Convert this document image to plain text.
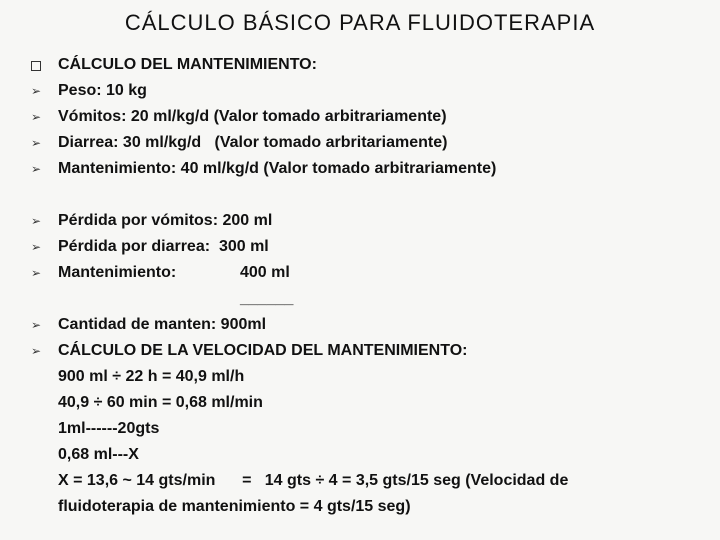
CÁLCULO BÁSICO PARA FLUIDOTERAPIA
CÁLCULO DEL MANTENIMIENTO:
➢ Peso: 10 kg
➢ Vómitos: 20 ml/kg/d (Valor tomado arbitrariamente)
➢ Diarrea: 30 ml/kg/d   (Valor tomado arbritariamente)
➢ Mantenimiento: 40 ml/kg/d (Valor tomado arbitrariamente)
➢ Pérdida por vómitos: 200 ml
➢ Pérdida por diarrea: 300 ml
➢ Mantenimiento:	400 ml
______
➢ Cantidad de manten: 900ml
➢ CÁLCULO DE LA VELOCIDAD DEL MANTENIMIENTO:
900 ml ÷ 22 h = 40,9 ml/h
40,9 ÷ 60 min = 0,68 ml/min
1ml------20gts
0,68 ml---X
X = 13,6 ~ 14 gts/min      =   14 gts ÷ 4 = 3,5 gts/15 seg (Velocidad de
fluidoterapia de mantenimiento = 4 gts/15 seg)
